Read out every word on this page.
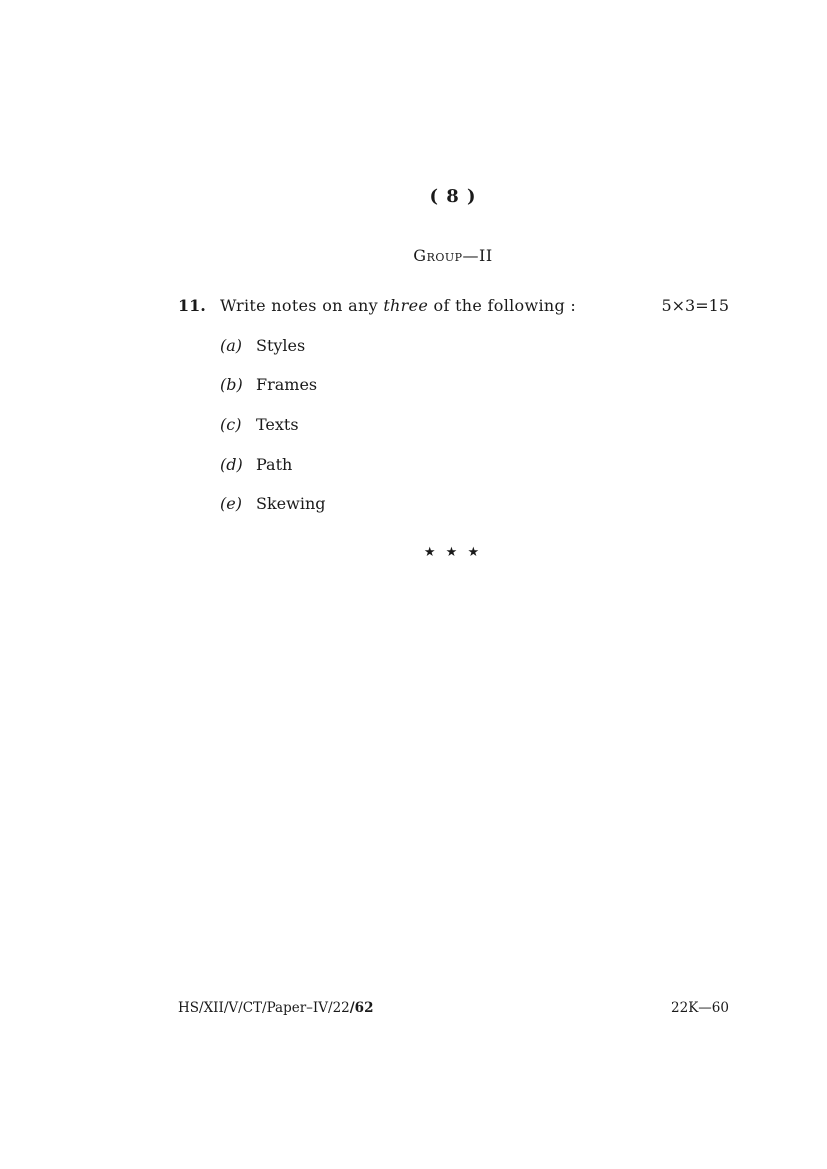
( 8 )
Group—II
11. Write notes on any three of the following :	5×3=15
(a) Styles
(b) Frames
(c) Texts
(d) Path
(e) Skewing
★ ★ ★
HS/XII/V/CT/Paper–IV/22/62	22K—60
